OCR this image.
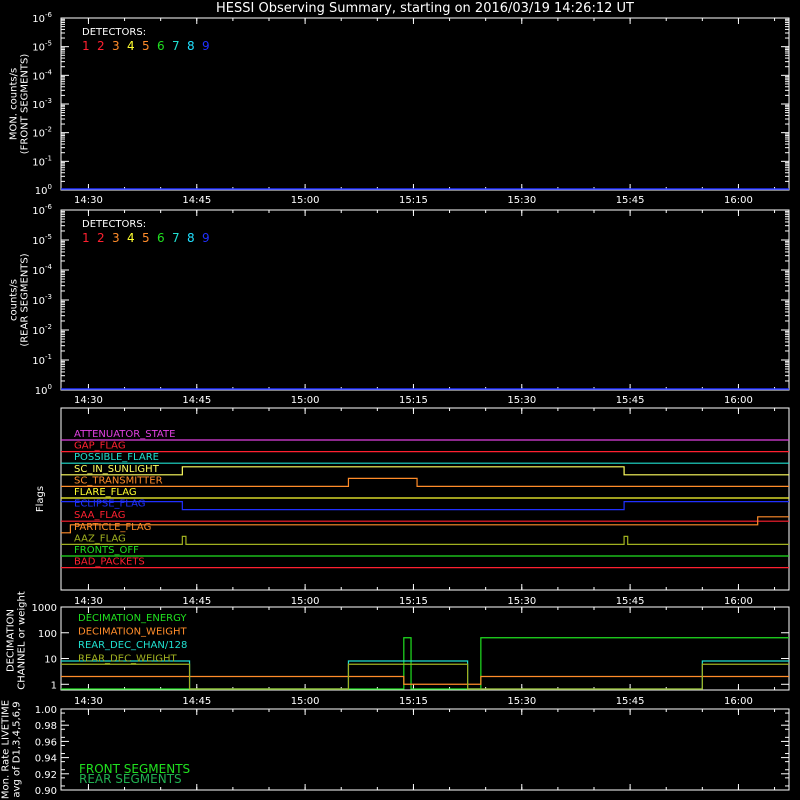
HESSI Observing Summary, starting on 2016/03/19 14:26:12 UT
$10^0$
$10^{-1}$
$10^{-2}$
$10^{-3}$
$10^{-4}$
$10^{-5}$
$10^{-6}$
14:30	14:45	15:00	15:15	15:30	15:45	16:00
DETECTORS:
1 2 3 4 5 6 7 8 9
MON. counts/s (FRONT SEGMENTS)
$10^0$
$10^{-1}$
$10^{-2}$
$10^{-3}$
$10^{-4}$
$10^{-5}$
$10^{-6}$
14:30	14:45	15:00	15:15	15:30	15:45	16:00
DETECTORS:
1 2 3 4 5 6 7 8 9
counts/s (REAR SEGMENTS)
14:30	14:45	15:00	15:15	15:30	15:45	16:00
ATTENUATOR_STATE
GAP_FLAG
POSSIBLE_FLARE
SC_IN_SUNLIGHT
SC_TRANSMITTER
FLARE_FLAG
ECLIPSE_FLAG
SAA_FLAG
PARTICLE_FLAG
AAZ_FLAG
FRONTS_OFF
BAD_PACKETS
Flags
14:30	14:45	15:00	15:15	15:30	15:45	16:00
1
10
100
1000
DECIMATION_ENERGY
DECIMATION_WEIGHT
REAR_DEC_CHAN/128
REAR_DEC_WEIGHT
DECIMATION CHANNEL or weight
0.90
0.92
0.94
0.96
0.98
1.00
FRONT SEGMENTS
REAR SEGMENTS
Mon. Rate LIVETIME avg of D1,3,4,5,6,9
